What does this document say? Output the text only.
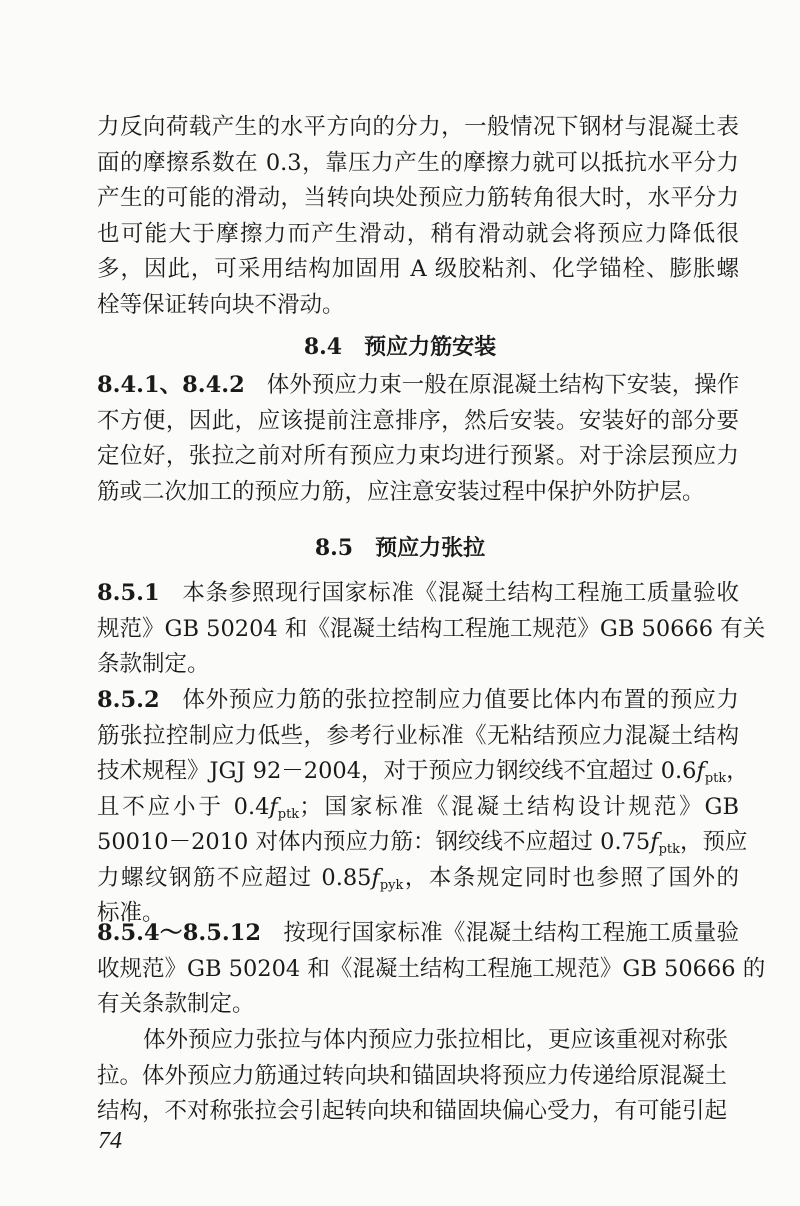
力反向荷载产生的水平方向的分力，一般情况下钢材与混凝土表
面的摩擦系数在 0.3，靠压力产生的摩擦力就可以抵抗水平分力
产生的可能的滑动，当转向块处预应力筋转角很大时，水平分力
也可能大于摩擦力而产生滑动，稍有滑动就会将预应力降低很
多，因此，可采用结构加固用 A 级胶粘剂、化学锚栓、膨胀螺
栓等保证转向块不滑动。
8.4 预应力筋安装
8.4.1、8.4.2 体外预应力束一般在原混凝土结构下安装，操作
不方便，因此，应该提前注意排序，然后安装。安装好的部分要
定位好，张拉之前对所有预应力束均进行预紧。对于涂层预应力
筋或二次加工的预应力筋，应注意安装过程中保护外防护层。
8.5 预应力张拉
8.5.1 本条参照现行国家标准《混凝土结构工程施工质量验收
规范》GB 50204 和《混凝土结构工程施工规范》GB 50666 有关
条款制定。
8.5.2 体外预应力筋的张拉控制应力值要比体内布置的预应力
筋张拉控制应力低些，参考行业标准《无粘结预应力混凝土结构
技术规程》JGJ 92－2004，对于预应力钢绞线不宜超过 $0.6f_{ptk}$，
且不应小于 $0.4f_{ptk}$；国家标准《混凝土结构设计规范》GB
50010－2010 对体内预应力筋：钢绞线不应超过 $0.75f_{ptk}$，预应
力螺纹钢筋不应超过 $0.85f_{pyk}$，本条规定同时也参照了国外的
标准。
8.5.4～8.5.12 按现行国家标准《混凝土结构工程施工质量验
收规范》GB 50204 和《混凝土结构工程施工规范》GB 50666 的
有关条款制定。
体外预应力张拉与体内预应力张拉相比，更应该重视对称张
拉。体外预应力筋通过转向块和锚固块将预应力传递给原混凝土
结构，不对称张拉会引起转向块和锚固块偏心受力，有可能引起
74
